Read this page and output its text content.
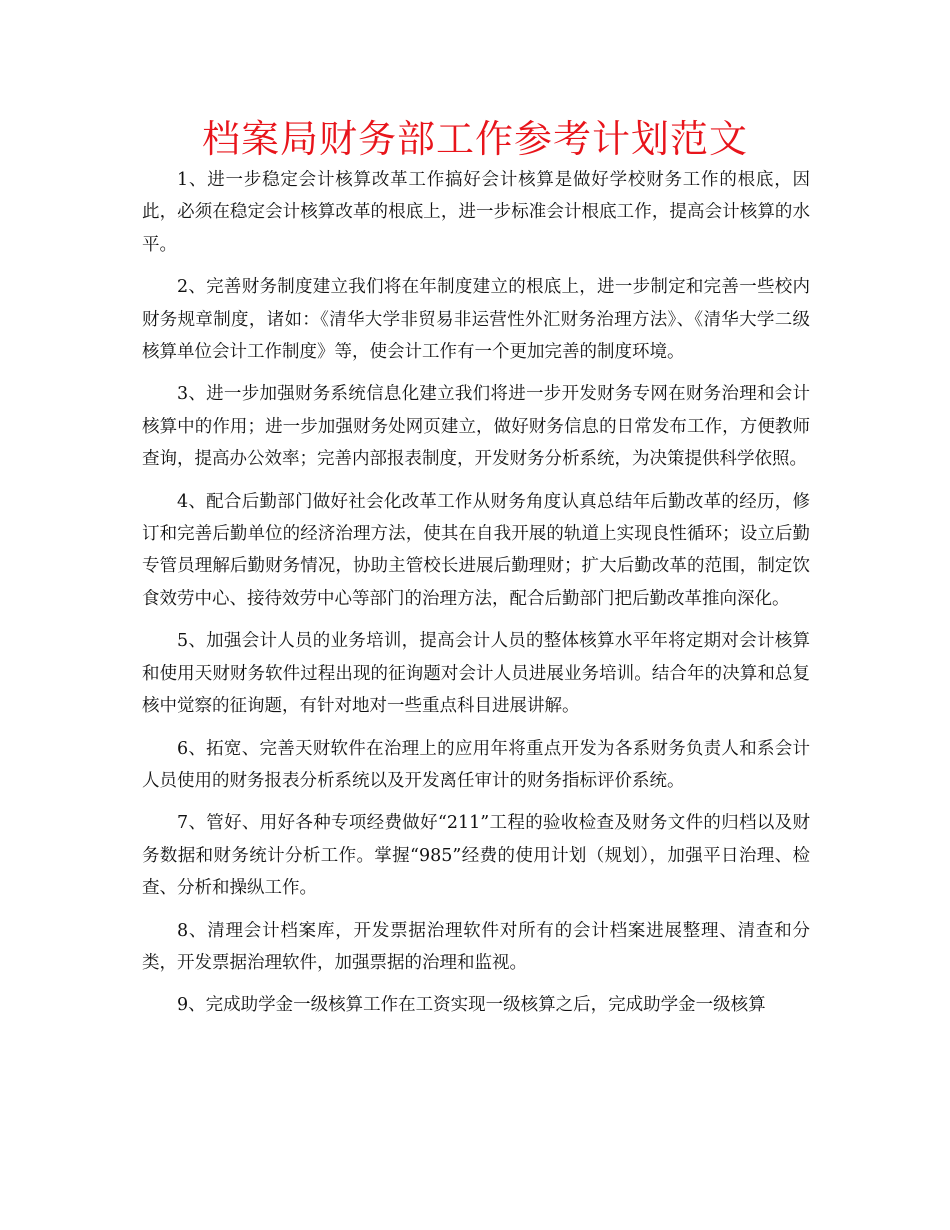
档案局财务部工作参考计划范文

1、进一步稳定会计核算改革工作搞好会计核算是做好学校财务工作的根底，因此，必须在稳定会计核算改革的根底上，进一步标准会计根底工作，提高会计核算的水平。

2、完善财务制度建立我们将在年制度建立的根底上，进一步制定和完善一些校内财务规章制度，诸如：《清华大学非贸易非运营性外汇财务治理方法》、《清华大学二级核算单位会计工作制度》等，使会计工作有一个更加完善的制度环境。

3、进一步加强财务系统信息化建立我们将进一步开发财务专网在财务治理和会计核算中的作用；进一步加强财务处网页建立，做好财务信息的日常发布工作，方便教师查询，提高办公效率；完善内部报表制度，开发财务分析系统，为决策提供科学依照。

4、配合后勤部门做好社会化改革工作从财务角度认真总结年后勤改革的经历，修订和完善后勤单位的经济治理方法，使其在自我开展的轨道上实现良性循环；设立后勤专管员理解后勤财务情况，协助主管校长进展后勤理财；扩大后勤改革的范围，制定饮食效劳中心、接待效劳中心等部门的治理方法，配合后勤部门把后勤改革推向深化。

5、加强会计人员的业务培训，提高会计人员的整体核算水平年将定期对会计核算和使用天财财务软件过程出现的征询题对会计人员进展业务培训。结合年的决算和总复核中觉察的征询题，有针对地对一些重点科目进展讲解。

6、拓宽、完善天财软件在治理上的应用年将重点开发为各系财务负责人和系会计人员使用的财务报表分析系统以及开发离任审计的财务指标评价系统。

7、管好、用好各种专项经费做好“211”工程的验收检查及财务文件的归档以及财务数据和财务统计分析工作。掌握“985”经费的使用计划（规划），加强平日治理、检查、分析和操纵工作。

8、清理会计档案库，开发票据治理软件对所有的会计档案进展整理、清查和分类，开发票据治理软件，加强票据的治理和监视。

9、完成助学金一级核算工作在工资实现一级核算之后，完成助学金一级核算
